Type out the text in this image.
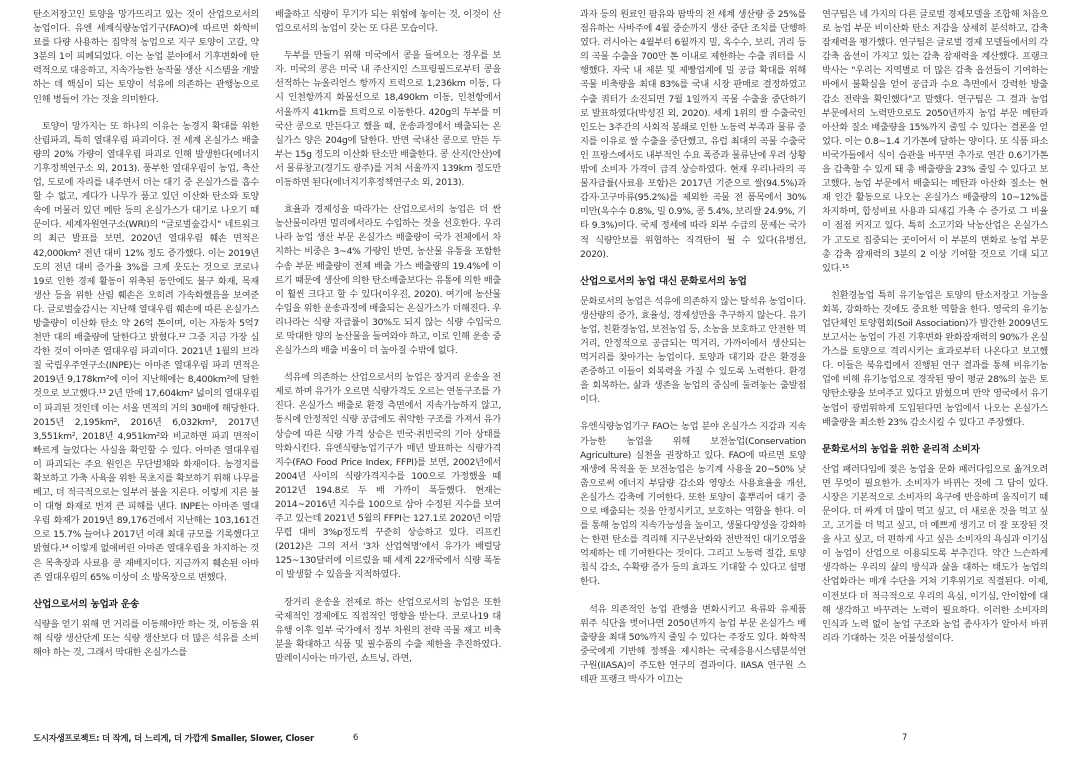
탄소저장고인 토양을 망가뜨리고 있는 것이 산업으로서의 농업이다. 유엔 세계식량농업기구(FAO)에 따르면 화학비료를 다량 사용하는 집약적 농업으로 지구 토양이 고갈, 약 3분의 1이 피폐되었다. 이는 농업 분야에서 기후변화에 탄력적으로 대응하고, 지속가능한 농작물 생산 시스템을 개발하는 데 핵심이 되는 토양이 석유에 의존하는 관행농으로 인해 병들어 가는 것을 의미한다.

토양이 망가지는 또 하나의 이유는 농경지 확대를 위한 산림파괴, 특히 열대우림 파괴이다. 전 세계 온실가스 배출량의 20% 가량이 열대우림 파괴로 인해 발생한다(에너지기후정책연구소 외, 2013). 풍부한 열대우림이 농업, 축산업, 도로에 자리를 내주면서 더는 대기 중 온실가스를 흡수할 수 없고, 게다가 나무가 품고 있던 이산화 탄소와 토양 속에 머물러 있던 메탄 등의 온실가스가 대기로 나오기 때문이다. 세계자원연구소(WRI)의 "글로벌숲감시" 네트워크의 최근 발표를 보면, 2020년 열대우림 훼손 면적은 42,000km² 전년 대비 12% 정도 증가했다. 이는 2019년도의 전년 대비 증가율 3%를 크게 웃도는 것으로 코로나19로 인한 경제 활동이 위축된 동안에도 불구 화재, 목재 생산 등을 위한 산림 훼손은 오히려 가속화했음을 보여준다. 글로벌숲감시는 지난해 열대우림 훼손에 따른 온실가스 방출량이 이산화 탄소 약 26억 톤이며, 이는 자동차 5억7천만 대의 배출량에 달한다고 밝혔다.¹² 그중 지금 가장 심각한 것이 아마존 열대우림 파괴이다. 2021년 1월의 브라질 국립우주연구소(INPE)는 아마존 열대우림 파괴 면적은 2019년 9,178km²에 이어 지난해에는 8,400km²에 달한 것으로 보고했다.¹³ 2년 만에 17,604km² 넓이의 열대우림이 파괴된 것인데 이는 서울 면적의 거의 30배에 해당한다. 2015년 2,195km², 2016년 6,032km², 2017년 3,551km², 2018년 4,951km²와 비교하면 파괴 면적이 빠르게 늘었다는 사실을 확인할 수 있다. 아마존 열대우림이 파괴되는 주요 원인은 무단벌채와 화재이다. 농경지를 확보하고 가축 사육을 위한 목초지를 확보하기 위해 나무를 베고, 더 적극적으로는 일부러 불을 지른다. 이렇게 지른 불이 대형 화재로 번져 큰 피해를 낸다. INPE는 아마존 열대우림 화재가 2019년 89,176건에서 지난해는 103,161건으로 15.7% 늘어나 2017년 이래 최대 규모를 기록했다고 밝혔다.¹⁴ 이렇게 없애버린 아마존 열대우림을 차지하는 것은 목축장과 사료용 콩 재배지이다. 지금까지 훼손된 아마존 열대우림의 65% 이상이 소 방목장으로 변했다.

산업으로서의 농업과 운송

식량을 얻기 위해 먼 거리를 이동해야만 하는 것, 이동을 위해 식량 생산단계 또는 식량 생산보다 더 많은 석유를 소비해야 하는 것, 그래서 막대한 온실가스를

배출하고 식량이 무기가 되는 위험에 놓이는 것, 이것이 산업으로서의 농업이 갖는 또 다른 모습이다.

두부를 만들기 위해 미국에서 콩을 들여오는 경우를 보자. 미국의 콩은 미국 내 주산지인 스프링필드로부터 콩을 선적하는 뉴올리언스 항까지 트럭으로 1,236km 이동, 다시 인천항까지 화물선으로 18,490km 이동, 인천항에서 서울까지 41km를 트럭으로 이동한다. 420g의 두부를 미국산 콩으로 만든다고 했을 때, 운송과정에서 배출되는 온실가스 양은 204g에 달한다. 반면 국내산 콩으로 만든 두부는 15g 정도의 이산화 탄소만 배출한다. 콩 산지(안산)에서 물류창고(경기도 광주)를 거쳐 서울까지 139km 정도만 이동하면 된다(에너지기후정책연구소 외, 2013).

효율과 경제성을 따라가는 산업으로서의 농업은 더 싼 농산물이라면 멀리에서라도 수입하는 것을 선호한다. 우리나라 농업 생산 부문 온실가스 배출량이 국가 전체에서 차지하는 비중은 3~4% 가량인 반면, 농산물 유통을 포함한 수송 부문 배출량이 전체 배출 가스 배출량의 19.4%에 이르기 때문에 생산에 의한 탄소배출보다는 유통에 의한 배출이 훨씬 크다고 할 수 있다(이우진, 2020). 여기에 농산물 수입을 위한 운송과정에 배출되는 온실가스가 더해진다. 우리나라는 식량 자급률이 30%도 되지 않는 식량 수입국으로 막대한 양의 농산물을 들여와야 하고, 이로 인해 운송 중 온실가스의 배출 비율이 더 높아질 수밖에 없다.

석유에 의존하는 산업으로서의 농업은 장거리 운송을 전제로 하며 유가가 오르면 식량가격도 오르는 연동구조를 가진다. 온실가스 배출로 환경 측면에서 지속가능하지 않고, 동시에 안정적인 식량 공급에도 취약한 구조를 가져서 유가 상승에 따른 식량 가격 상승은 빈국·취빈국의 기아 상태를 악화시킨다. 유엔식량농업기구가 매년 발표하는 식량가격지수(FAO Food Price Index, FFPI)를 보면, 2002년에서 2004년 사이의 식량가격지수를 100으로 가정했을 때 2012년 194.8로 두 배 가까이 폭등했다. 현재는 2014~2016년 지수를 100으로 삼아 수정된 지수를 보여주고 있는데 2021년 5월의 FFPI는 127.1로 2020년 이맘 무렵 대비 3%p정도씩 꾸준히 상승하고 있다. 리프킨(2012)은 그의 저서 '3차 산업혁명'에서 유가가 배럴당 125~130달러에 이르렀을 때 세계 22개국에서 식량 폭동이 발생할 수 있음을 지적하였다.

장거리 운송을 전제로 하는 산업으로서의 농업은 또한 국제적인 경제에도 직접적인 영향을 받는다. 코로나19 대유행 이후 일부 국가에서 정부 차원의 전략 곡물 재고 비축분을 확대하고 식품 및 필수품의 수출 제한을 추진하였다. 말레이시아는 마가린, 쇼트닝, 라면,

과자 등의 원료인 팜유와 팜박의 전 세계 생산량 중 25%를 점유하는 사바주에 4월 중순까지 생산 중단 조치를 단행하였다. 러시아는 4월부터 6월까지 밀, 옥수수, 보리, 귀리 등의 곡물 수출을 700만 톤 이내로 제한하는 수출 쿼터를 시행했다. 자국 내 제분 및 제빵업계에 밀 공급 확대를 위해 곡물 비축량을 최대 83%를 국내 시장 판매로 결정하였고 수출 쿼터가 소진되면 7월 1일까지 곡물 수출을 중단하기로 발표하였다(박성진 외, 2020). 세계 1위의 쌀 수출국인 인도는 3주간의 사회적 봉쇄로 인한 노동력 부족과 물류 중지를 이유로 쌀 수출을 중단했고, 유럽 최대의 곡물 수출국인 프랑스에서도 내부적인 수요 폭증과 물류난에 우려 상황밖에 소비자 가격이 급격 상승하였다. 현재 우리나라의 곡물자급률(사료용 포함)은 2017년 기준으로 쌀(94.5%)과 감자·고구마류(95.2%)를 제외한 곡물 전 품목에서 30% 미만(옥수수 0.8%, 밀 0.9%, 콩 5.4%, 보리쌀 24.9%, 기타 9.3%)이다. 국제 정세에 따라 외부 수급의 문제는 국가적 식량안보를 위협하는 직격탄이 될 수 있다(유병선, 2020).

산업으로서의 농업 대신 문화로서의 농업

문화로서의 농업은 석유에 의존하지 않는 탈석유 농업이다. 생산량의 증가, 효율성, 경제성만을 추구하지 않는다. 유기농업, 친환경농업, 보전농업 등, 소농을 보호하고 안전한 먹거리, 안정적으로 공급되는 먹거리, 가까이에서 생산되는 먹거리를 찾아가는 농업이다. 토양과 대기와 같은 환경을 존중하고 이들이 회복력을 가질 수 있도록 노력한다. 환경을 회복하는, 삶과 생존을 농업의 중심에 둘려놓는 출발점이다.

유엔식량농업기구 FAO는 농업 분야 온실가스 지감과 지속가능한 농업을 위해 보전농업(Conservation Agriculture) 실천을 권장하고 있다. FAO에 따르면 토양 재생에 목적을 둔 보전농업은 농기계 사용을 20~50% 낮춤으로써 에너지 부담량 감소와 영양소 사용효율을 개선, 온실가스 감축에 기여한다. 또한 토양이 흩뿌리어 대기 중으로 배출되는 것을 안정시키고, 보호하는 역할을 한다. 이를 통해 농업의 지속가능성을 높이고, 생물다양성을 강화하는 한편 탄소를 격리해 지구온난화와 전반적인 대기오염을 억제하는 데 기여한다는 것이다. 그리고 노동력 절감, 토양침식 감소, 수확량 증가 등의 효과도 기대할 수 있다고 설명한다.

석유 의존적인 농업 관행을 변화시키고 육류와 유제품 위주 식단을 벗어나면 2050년까지 농업 부문 온실가스 배출량을 최대 50%까지 줄일 수 있다는 주장도 있다. 화학적 중국에게 기반해 정책을 제시하는 국제응용시스템분석연구원(IIASA)이 주도한 연구의 결과이다. IIASA 연구원 스테판 프랭크 박사가 이끄는

연구팀은 네 가지의 다른 글로벌 경제모델을 조합해 처음으로 농업 부문 비이산화 탄소 저감을 상세히 분석하고, 감축 잠재력을 평가했다. 연구팀은 글로벌 경제 모델들에서의 각 감축 옵션이 가지고 있는 감축 잠재력을 계산했다. 프랭크 박사는 "우리는 지역별로 더 많은 감축 옵션들이 기여하는 바에서 불확실을 얻어 공급과 수요 측면에서 강력한 방출 감소 전략을 확인했다"고 말했다. 연구팀은 그 결과 농업 부문에서의 노력만으로도 2050년까지 농업 부문 메탄과 아산화 질소 배출량을 15%까지 줄일 수 있다는 결론을 얻었다. 이는 0.8~1.4 기가톤에 달하는 양이다. 또 식품 파소비국가들에서 식이 습관을 바꾸면 추가로 연간 0.6기가톤을 감축할 수 있게 돼 총 배출량을 23% 줄일 수 있다고 보고했다. 농업 부문에서 배출되는 메탄과 아산화 질소는 현재 인간 활동으로 나오는 온실가스 배출량의 10~12%를 차지하며, 합성비료 사용과 되새김 가축 수 증가로 그 비율이 점점 커지고 있다. 특히 소고기와 낙농산업은 온실가스가 고도로 집중되는 곳이어서 이 부분의 변화로 농업 부문 총 감축 잠재력의 3분의 2 이상 기여할 것으로 기대 되고 있다.¹⁵

친환경농업 특히 유기농업은 토양의 탄소저장고 기능을 회복, 강화하는 것에도 중요한 역할을 한다. 영국의 유기농업단체인 토양협회(Soil Association)가 발간한 2009년도 보고서는 농업이 가진 기후변화 완화잠재력의 90%가 온실가스를 토양으로 격리시키는 효과로부터 나온다고 보고했다. 이들은 북유럽에서 진행된 연구 결과를 통해 비유기농업에 비해 유기농업으로 경작된 땅이 평균 28%의 높은 토양탄소량을 보여주고 있다고 밝혔으며 만약 영국에서 유기농업이 광범위하게 도입된다면 농업에서 나오는 온실가스 배출량을 최소한 23% 감소시킬 수 있다고 주장했다.

문화로서의 농업을 위한 윤리적 소비자

산업 패러다임에 젖은 농업을 문화 패러다임으로 옮겨오려면 무엇이 필요한가. 소비자가 바뀌는 것에 그 답이 있다. 시장은 기본적으로 소비자의 욕구에 반응하며 움직이기 때문이다. 더 싸게 더 많이 먹고 싶고, 더 새로운 것을 먹고 싶고, 고기를 더 먹고 싶고, 더 예쁘게 생기고 더 잘 포장된 것을 사고 싶고, 더 편하게 사고 싶은 소비자의 욕심과 이기심이 농업이 산업으로 이용되도록 부추긴다. 약간 느슨하게 생각하는 우리의 삶의 방식과 삶을 대하는 태도가 농업의 산업화라는 매개 수단을 거쳐 기후위기로 직결된다. 이제, 이전보다 더 적극적으로 우리의 욕심, 이기심, 안이함에 대해 생각하고 바꾸려는 노력이 필요하다. 이러한 소비자의 인식과 노력 없이 농업 구조와 농업 종사자가 알아서 바뀌리라 기대하는 것은 어불성설이다.

도시자생프로젝트: 더 작게, 더 느리게, 더 가깝게 Smaller, Slower, Closer	6	7
